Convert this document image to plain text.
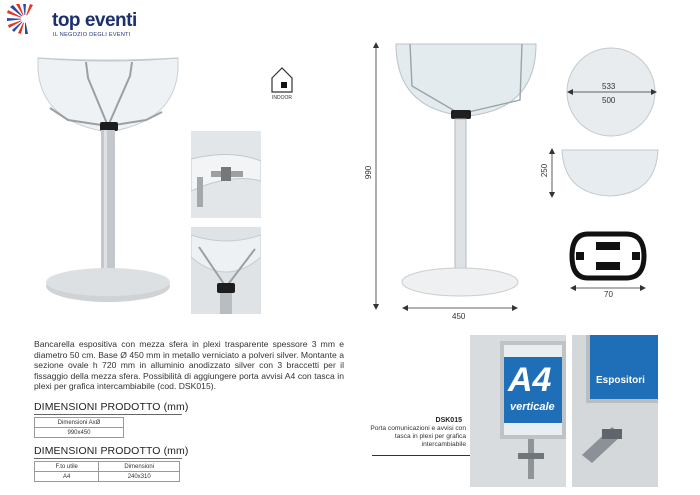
top eventi
IL NEGOZIO DEGLI EVENTI
INDOOR
990
450
533
500
250
70
Bancarella espositiva con mezza sfera in plexi trasparente spessore 3 mm e diametro 50 cm. Base Ø 450 mm in metallo verniciato a polveri silver. Montante a sezione ovale h 720 mm in alluminio anodizzato silver con 3 braccetti per il fissaggio della mezza sfera. Possibilità di aggiungere porta avvisi A4 con tasca in plexi per grafica intercambiabile (cod. DSK015).
DIMENSIONI PRODOTTO (mm)
Dimensioni AxØ
990x450
DIMENSIONI PRODOTTO (mm)
F.to utile	Dimensioni
A4	240x310
DSK015
Porta comunicazioni e avvisi con tasca in plexi per grafica intercambiabile
A4
verticale
Espositori
